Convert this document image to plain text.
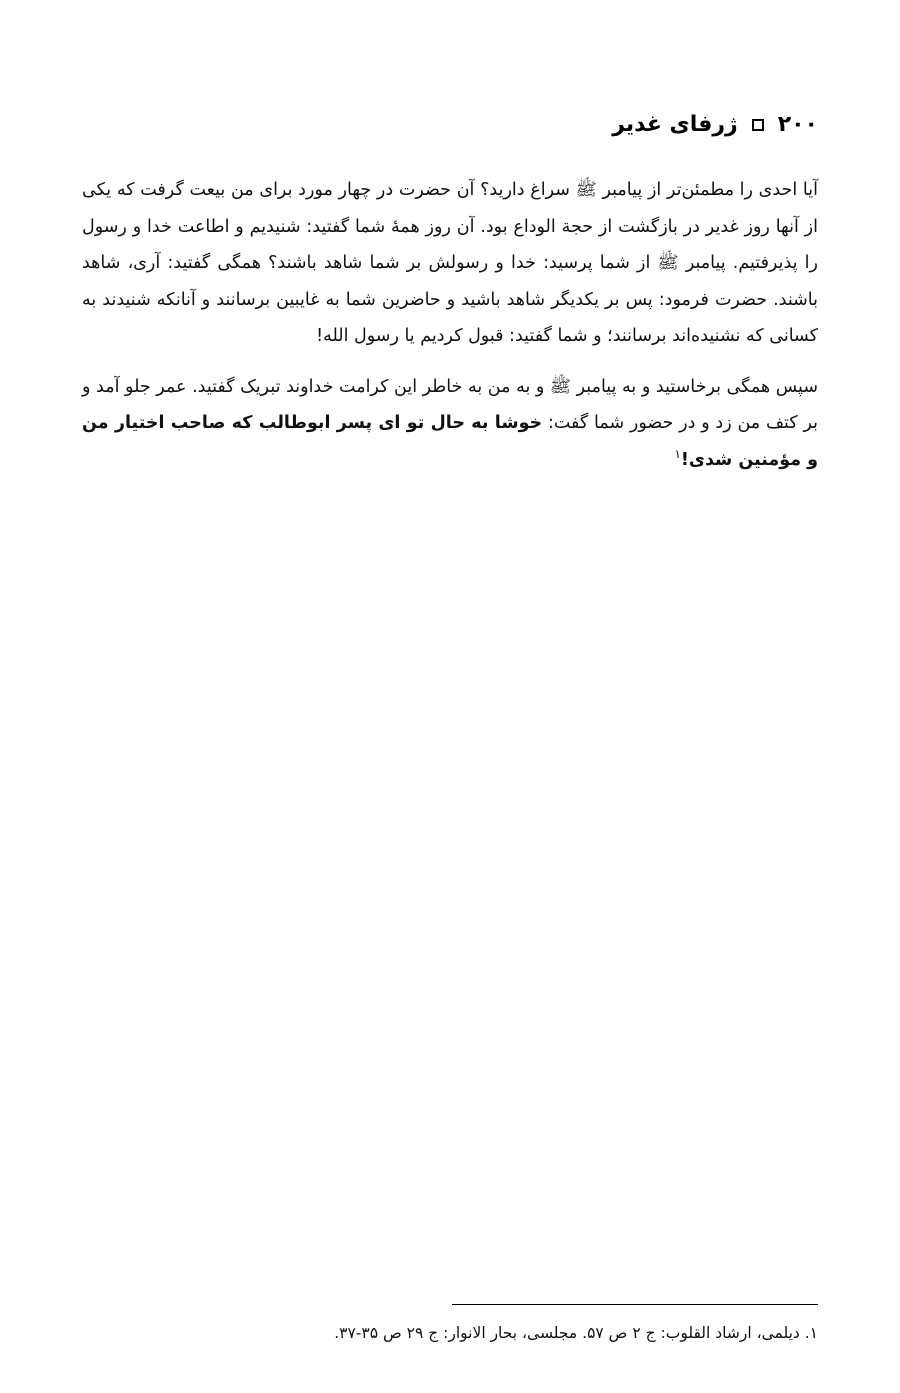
۲۰۰
ژرفای غدیر

آیا احدی را مطمئن‌تر از پیامبر ﷺ سراغ دارید؟ آن حضرت در چهار مورد برای من بیعت گرفت که یکی از آنها روز غدیر در بازگشت از حجة الوداع بود. آن روز همهٔ شما گفتید: شنیدیم و اطاعت خدا و رسول را پذیرفتیم. پیامبر ﷺ از شما پرسید: خدا و رسولش بر شما شاهد باشند؟ همگی گفتید: آری، شاهد باشند. حضرت فرمود: پس بر یکدیگر شاهد باشید و حاضرین شما به غایبین برسانند و آنانکه شنیدند به کسانی که نشنیده‌اند برسانند؛ و شما گفتید: قبول کردیم یا رسول الله!

سپس همگی برخاستید و به پیامبر ﷺ و به من به خاطر این کرامت خداوند تبریک گفتید. عمر جلو آمد و بر کتف من زد و در حضور شما گفت: خوشا به حال تو ای پسر ابوطالب که صاحب اختیار من و مؤمنین شدی!$^۱$

۱. دیلمی، ارشاد القلوب: ج ۲ ص ۵۷. مجلسی، بحار الانوار: ج ۲۹ ص ۳۵-۳۷.
